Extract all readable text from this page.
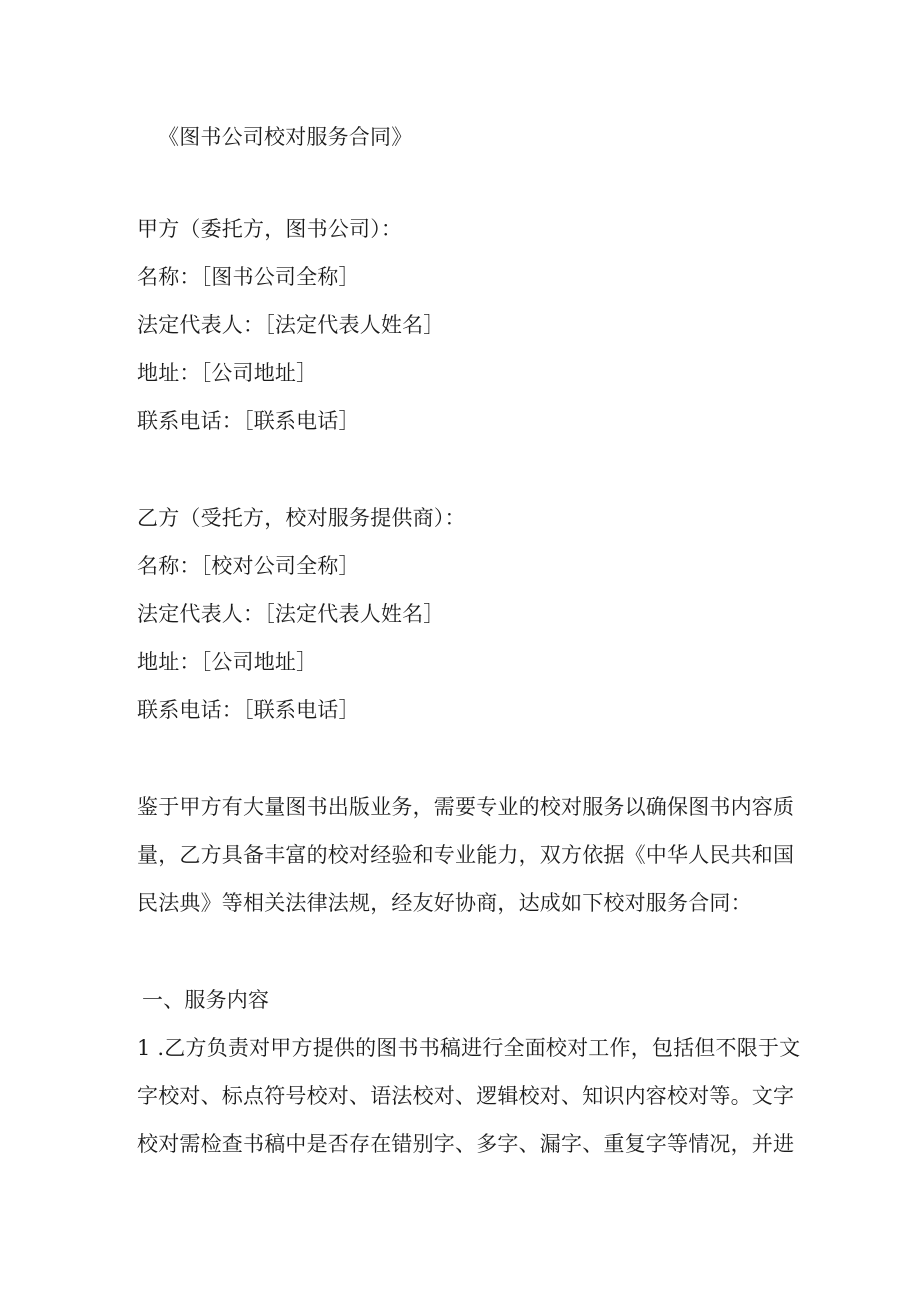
《图书公司校对服务合同》
甲方（委托方，图书公司）：
名称：［图书公司全称］
法定代表人：［法定代表人姓名］
地址：［公司地址］
联系电话：［联系电话］
乙方（受托方，校对服务提供商）：
名称：［校对公司全称］
法定代表人：［法定代表人姓名］
地址：［公司地址］
联系电话：［联系电话］
鉴于甲方有大量图书出版业务，需要专业的校对服务以确保图书内容质
量，乙方具备丰富的校对经验和专业能力，双方依据《中华人民共和国
民法典》等相关法律法规，经友好协商，达成如下校对服务合同：
一、服务内容
1 .乙方负责对甲方提供的图书书稿进行全面校对工作，包括但不限于文
字校对、标点符号校对、语法校对、逻辑校对、知识内容校对等。文字
校对需检查书稿中是否存在错别字、多字、漏字、重复字等情况，并进
